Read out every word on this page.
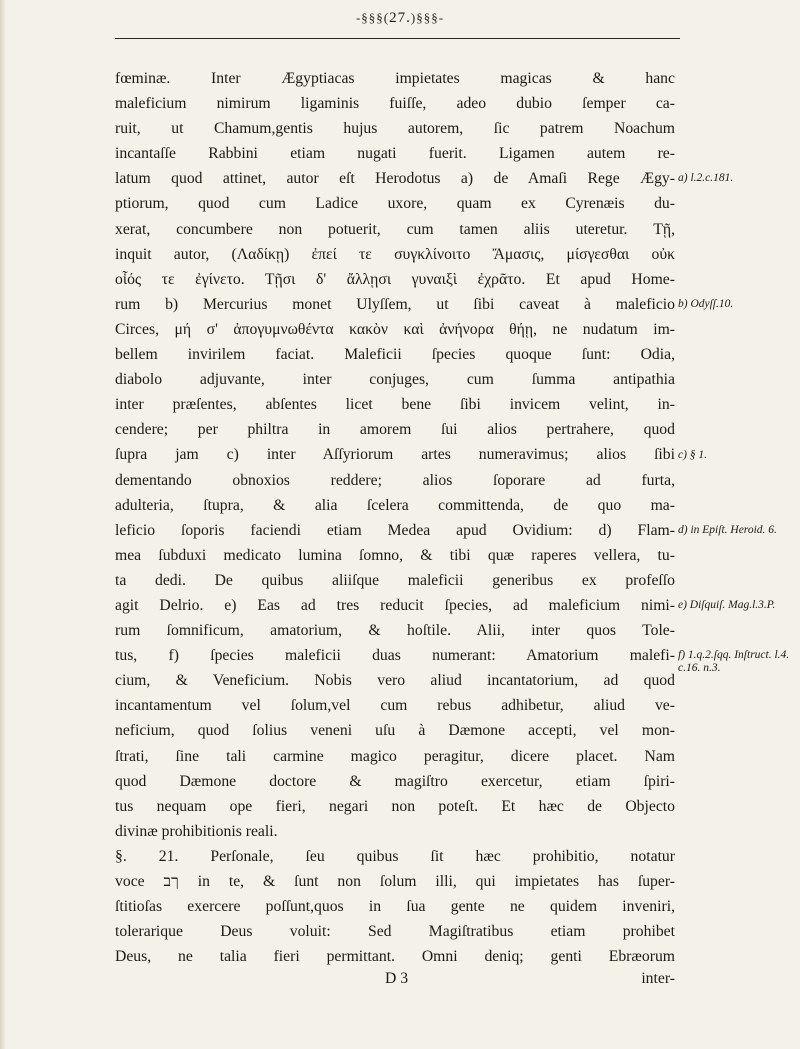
-§§§(27.)§§§-
fœminæ. Inter Ægyptiacas impietates magicas & hanc
maleficium nimirum ligaminis fuiſſe, adeo dubio ſemper ca-
ruit, ut Chamum,gentis hujus autorem, ſic patrem Noachum
incantaſſe Rabbini etiam nugati fuerit. Ligamen autem re-
latum quod attinet, autor eſt Herodotus a) de Amaſi Rege Ægy-
ptiorum, quod cum Ladice uxore, quam ex Cyrenæis du-
xerat, concumbere non potuerit, cum tamen aliis uteretur. Τῇ,
inquit autor, (Λαδίκῃ) ἐπεί τε συγκλίνοιτο Ἄμασις, μίσγεσθαι οὐκ
οἷός τε ἐγίνετο. Τῇσι δ' ἄλλῃσι γυναιξὶ ἐχρᾶτο. Et apud Home-
rum b) Mercurius monet Ulyſſem, ut ſibi caveat à maleficio
Circes, μή σ' ἀπογυμνωθέντα κακὸν καὶ ἀνήνορα θήῃ, ne nudatum im-
bellem invirilem faciat. Maleficii ſpecies quoque ſunt: Odia,
diabolo adjuvante, inter conjuges, cum ſumma antipathia
inter præſentes, abſentes licet bene ſibi invicem velint, in-
cendere; per philtra in amorem ſui alios pertrahere, quod
ſupra jam c) inter Aſſyriorum artes numeravimus; alios ſibi
dementando obnoxios reddere; alios ſoporare ad furta,
adulteria, ſtupra, & alia ſcelera committenda, de quo ma-
leficio ſoporis faciendi etiam Medea apud Ovidium: d) Flam-
mea ſubduxi medicato lumina ſomno, & tibi quæ raperes vellera, tu-
ta dedi. De quibus aliiſque maleficii generibus ex profeſſo
agit Delrio. e) Eas ad tres reducit ſpecies, ad maleficium nimi-
rum ſomnificum, amatorium, & hoſtile. Alii, inter quos Tole-
tus, f) ſpecies maleficii duas numerant: Amatorium malefi-
cium, & Veneficium. Nobis vero aliud incantatorium, ad quod
incantamentum vel ſolum,vel cum rebus adhibetur, aliud ve-
neficium, quod ſolius veneni uſu à Dæmone accepti, vel mon-
ſtrati, ſine tali carmine magico peragitur, dicere placet. Nam
quod Dæmone doctore & magiſtro exercetur, etiam ſpiri-
tus nequam ope fieri, negari non poteſt. Et hæc de Objecto
divinæ prohibitionis reali.
§. 21. Perſonale, ſeu quibus ſit hæc prohibitio, notatur
voce ךב in te, & ſunt non ſolum illi, qui impietates has ſuper-
ſtitioſas exercere poſſunt,quos in ſua gente ne quidem inveniri,
tolerarique Deus voluit: Sed Magiſtratibus etiam prohibet
Deus, ne talia fieri permittant. Omni deniq; genti Ebræorum
a) l.2.c.181.
b) Odyſſ.10.
c) § 1.
d) in Epiſt. Heroid. 6.
e) Diſquiſ. Mag.l.3.P.
f) 1.q.2.ſqq. Inſtruct. l.4. c.16. n.3.
D 3	inter-
